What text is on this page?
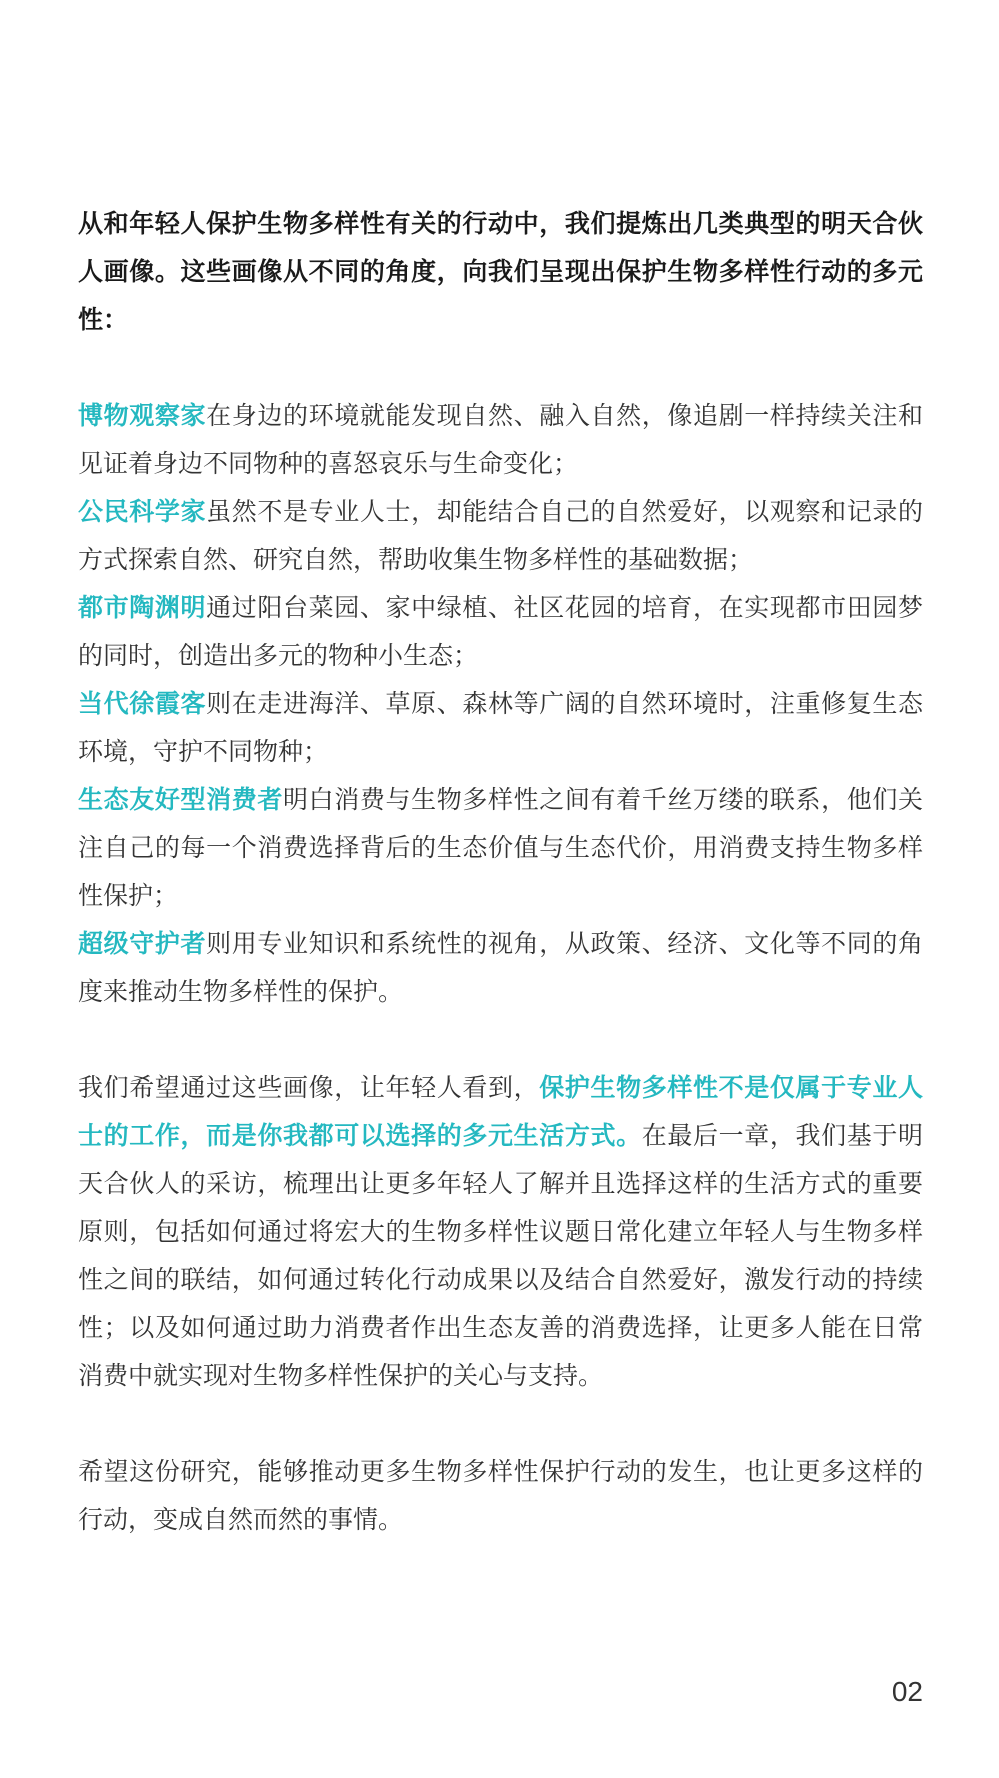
从和年轻人保护生物多样性有关的行动中，我们提炼出几类典型的明天合伙人画像。这些画像从不同的角度，向我们呈现出保护生物多样性行动的多元性：

博物观察家在身边的环境就能发现自然、融入自然，像追剧一样持续关注和见证着身边不同物种的喜怒哀乐与生命变化；

公民科学家虽然不是专业人士，却能结合自己的自然爱好，以观察和记录的方式探索自然、研究自然，帮助收集生物多样性的基础数据；

都市陶渊明通过阳台菜园、家中绿植、社区花园的培育，在实现都市田园梦的同时，创造出多元的物种小生态；

当代徐霞客则在走进海洋、草原、森林等广阔的自然环境时，注重修复生态环境，守护不同物种；

生态友好型消费者明白消费与生物多样性之间有着千丝万缕的联系，他们关注自己的每一个消费选择背后的生态价值与生态代价，用消费支持生物多样性保护；

超级守护者则用专业知识和系统性的视角，从政策、经济、文化等不同的角度来推动生物多样性的保护。

我们希望通过这些画像，让年轻人看到，保护生物多样性不是仅属于专业人士的工作，而是你我都可以选择的多元生活方式。在最后一章，我们基于明天合伙人的采访，梳理出让更多年轻人了解并且选择这样的生活方式的重要原则，包括如何通过将宏大的生物多样性议题日常化建立年轻人与生物多样性之间的联结，如何通过转化行动成果以及结合自然爱好，激发行动的持续性；以及如何通过助力消费者作出生态友善的消费选择，让更多人能在日常消费中就实现对生物多样性保护的关心与支持。

希望这份研究，能够推动更多生物多样性保护行动的发生，也让更多这样的行动，变成自然而然的事情。

02
